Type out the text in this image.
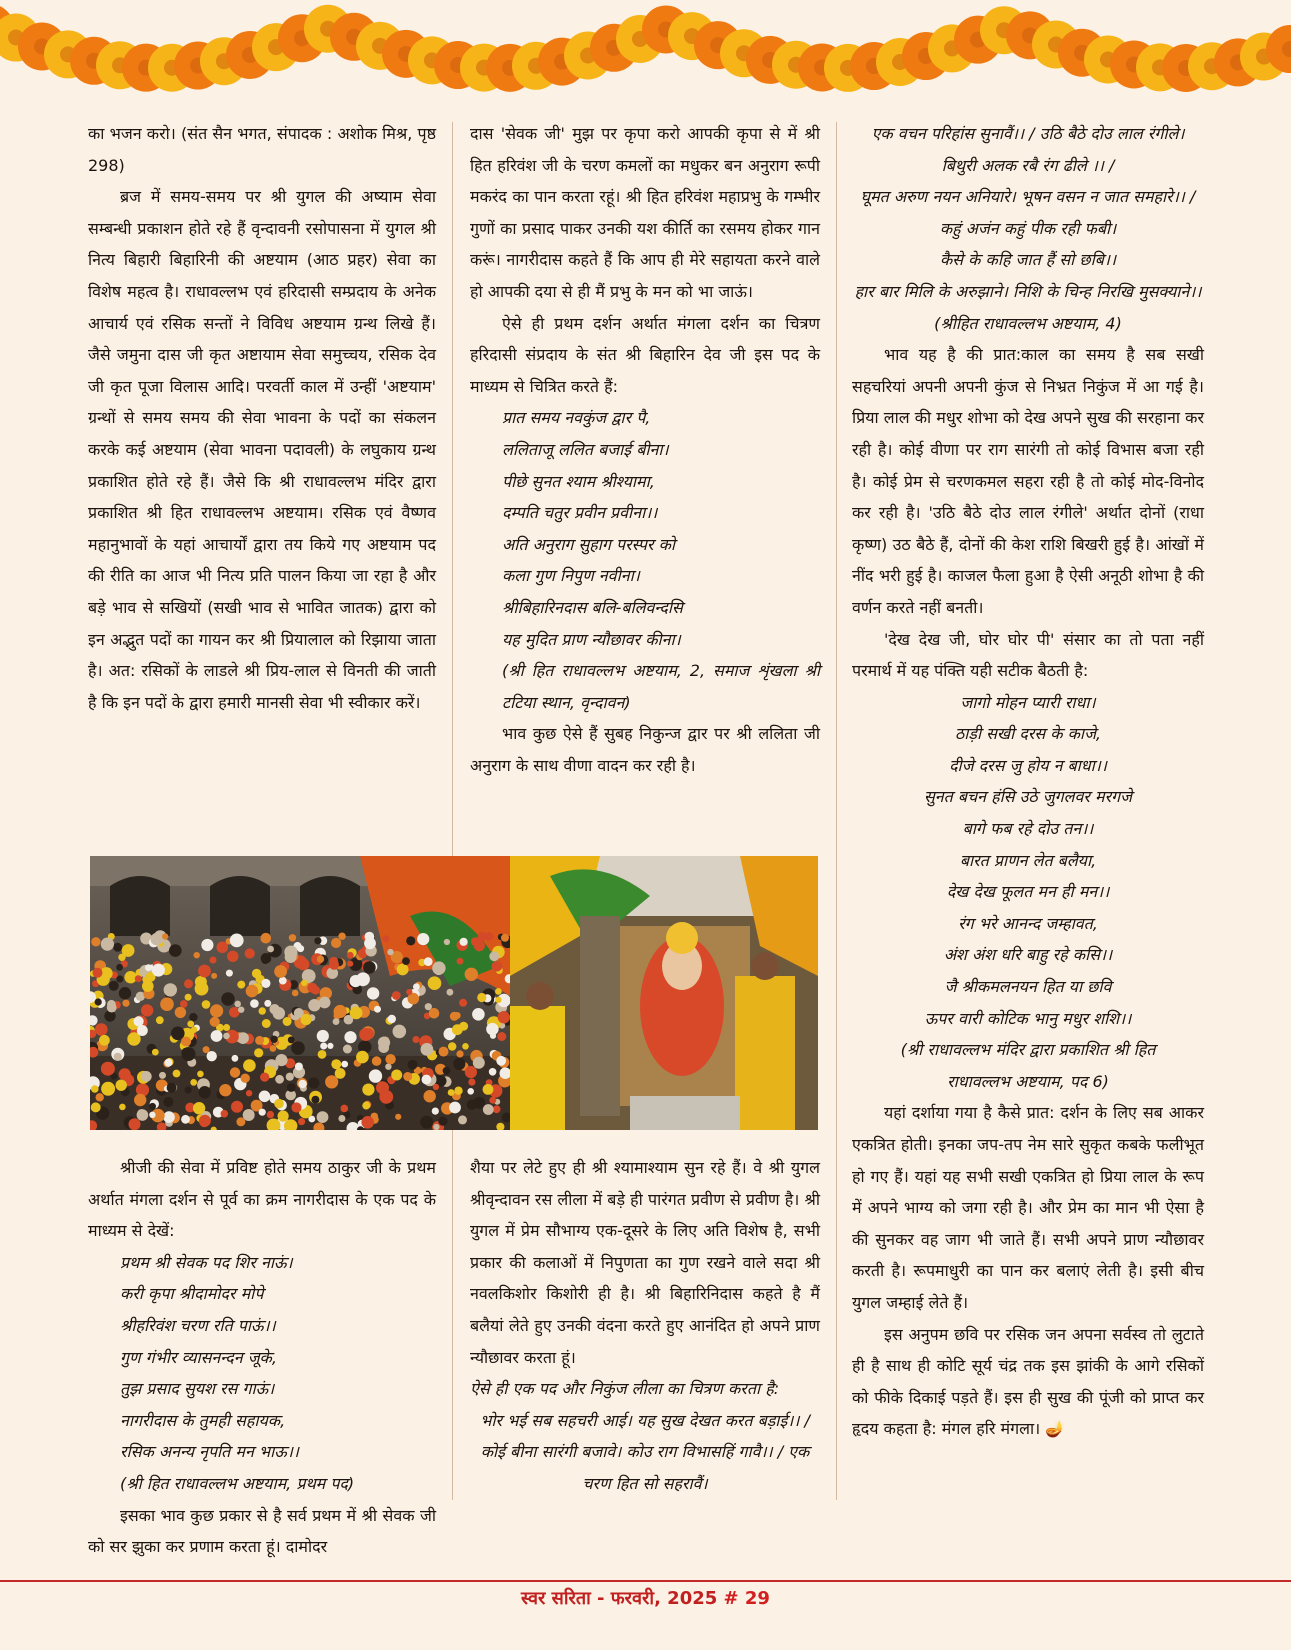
का भजन करो। (संत सैन भगत, संपादक : अशोक मिश्र, पृष्ठ 298)

ब्रज में समय-समय पर श्री युगल की अष्याम सेवा सम्बन्धी प्रकाशन होते रहे हैं वृन्दावनी रसोपासना में युगल श्री नित्य बिहारी बिहारिनी की अष्टयाम (आठ प्रहर) सेवा का विशेष महत्व है। राधावल्लभ एवं हरिदासी सम्प्रदाय के अनेक आचार्य एवं रसिक सन्तों ने विविध अष्टयाम ग्रन्थ लिखे हैं। जैसे जमुना दास जी कृत अष्टायाम सेवा समुच्चय, रसिक देव जी कृत पूजा विलास आदि। परवर्ती काल में उन्हीं 'अष्टयाम' ग्रन्थों से समय समय की सेवा भावना के पदों का संकलन करके कई अष्टयाम (सेवा भावना पदावली) के लघुकाय ग्रन्थ प्रकाशित होते रहे हैं। जैसे कि श्री राधावल्लभ मंदिर द्वारा प्रकाशित श्री हित राधावल्लभ अष्टयाम। रसिक एवं वैष्णव महानुभावों के यहां आचार्यों द्वारा तय किये गए अष्टयाम पद की रीति का आज भी नित्य प्रति पालन किया जा रहा है और बड़े भाव से सखियों (सखी भाव से भावित जातक) द्वारा को इन अद्भुत पदों का गायन कर श्री प्रियालाल को रिझाया जाता है। अत: रसिकों के लाडले श्री प्रिय-लाल से विनती की जाती है कि इन पदों के द्वारा हमारी मानसी सेवा भी स्वीकार करें।

दास 'सेवक जी' मुझ पर कृपा करो आपकी कृपा से में श्री हित हरिवंश जी के चरण कमलों का मधुकर बन अनुराग रूपी मकरंद का पान करता रहूं। श्री हित हरिवंश महाप्रभु के गम्भीर गुणों का प्रसाद पाकर उनकी यश कीर्ति का रसमय होकर गान करूं। नागरीदास कहते हैं कि आप ही मेरे सहायता करने वाले हो आपकी दया से ही मैं प्रभु के मन को भा जाऊं।

ऐसे ही प्रथम दर्शन अर्थात मंगला दर्शन का चित्रण हरिदासी संप्रदाय के संत श्री बिहारिन देव जी इस पद के माध्यम से चित्रित करते हैं:

प्रात समय नवकुंज द्वार पै,

ललिताजू ललित बजाई बीना।

पीछे सुनत श्याम श्रीश्यामा,

दम्पति चतुर प्रवीन प्रवीना।।

अति अनुराग सुहाग परस्पर को

कला गुण निपुण नवीना।

श्रीबिहारिनदास बलि-बलिवन्दसि

यह मुदित प्राण न्यौछावर कीना।

(श्री हित राधावल्लभ अष्टयाम, 2, समाज शृंखला श्री टटिया स्थान, वृन्दावन)

भाव कुछ ऐसे हैं सुबह निकुन्ज द्वार पर श्री ललिता जी अनुराग के साथ वीणा वादन कर रही है।

श्रीजी की सेवा में प्रविष्ट होते समय ठाकुर जी के प्रथम अर्थात मंगला दर्शन से पूर्व का क्रम नागरीदास के एक पद के माध्यम से देखें:

प्रथम श्री सेवक पद शिर नाऊं।

करी कृपा श्रीदामोदर मोपे

श्रीहरिवंश चरण रति पाऊं।।

गुण गंभीर व्यासनन्दन जूके,

तुझ प्रसाद सुयश रस गाऊं।

नागरीदास के तुमही सहायक,

रसिक अनन्य नृपति मन भाऊ।।

(श्री हित राधावल्लभ अष्टयाम, प्रथम पद)

इसका भाव कुछ प्रकार से है सर्व प्रथम में श्री सेवक जी को सर झुका कर प्रणाम करता हूं। दामोदर

शैया पर लेटे हुए ही श्री श्यामाश्याम सुन रहे हैं। वे श्री युगल श्रीवृन्दावन रस लीला में बड़े ही पारंगत प्रवीण से प्रवीण है। श्री युगल में प्रेम सौभाग्य एक-दूसरे के लिए अति विशेष है, सभी प्रकार की कलाओं में निपुणता का गुण रखने वाले सदा श्री नवलकिशोर किशोरी ही है। श्री बिहारिनिदास कहते है मैं बलैयां लेते हुए उनकी वंदना करते हुए आनंदित हो अपने प्राण न्यौछावर करता हूं।

ऐसे ही एक पद और निकुंज लीला का चित्रण करता है:

भोर भई सब सहचरी आई। यह सुख देखत करत बड़ाई।। / कोई बीना सारंगी बजावे। कोउ राग विभासहिं गावै।। / एक चरण हित सो सहरावैं।

एक वचन परिहांस सुनावैं।। / उठि बैठे दोउ लाल रंगीले। बिथुरी अलक रबै रंग ढीले ।। /

घूमत अरुण नयन अनियारे। भूषन वसन न जात समहारे।। / कहुं अजंन कहुं पीक रही फबी।

कैसे के कहि जात हैं सो छबि।।

हार बार मिलि के अरुझाने। निशि के चिन्ह निरखि मुसक्याने।। (श्रीहित राधावल्लभ अष्टयाम, 4)

भाव यह है की प्रात:काल का समय है सब सखी सहचरियां अपनी अपनी कुंज से निभ्रत निकुंज में आ गई है। प्रिया लाल की मधुर शोभा को देख अपने सुख की सरहाना कर रही है। कोई वीणा पर राग सारंगी तो कोई विभास बजा रही है। कोई प्रेम से चरणकमल सहरा रही है तो कोई मोद-विनोद कर रही है। 'उठि बैठे दोउ लाल रंगीले' अर्थात दोनों (राधा कृष्ण) उठ बैठे हैं, दोनों की केश राशि बिखरी हुई है। आंखों में नींद भरी हुई है। काजल फैला हुआ है ऐसी अनूठी शोभा है की वर्णन करते नहीं बनती।

'देख देख जी, घोर घोर पी' संसार का तो पता नहीं परमार्थ में यह पंक्ति यही सटीक बैठती है:

जागो मोहन प्यारी राधा।

ठाड़ी सखी दरस के काजे,

दीजे दरस जु होय न बाधा।।

सुनत बचन हंसि उठे जुगलवर मरगजे

बागे फब रहे दोउ तन।।

बारत प्राणन लेत बलैया,

देख देख फूलत मन ही मन।।

रंग भरे आनन्द जम्हावत,

अंश अंश धरि बाहु रहे कसि।।

जै श्रीकमलनयन हित या छवि

ऊपर वारी कोटिक भानु मधुर शशि।।

(श्री राधावल्लभ मंदिर द्वारा प्रकाशित श्री हित

राधावल्लभ अष्टयाम, पद 6)

यहां दर्शाया गया है कैसे प्रात: दर्शन के लिए सब आकर एकत्रित होती। इनका जप-तप नेम सारे सुकृत कबके फलीभूत हो गए हैं। यहां यह सभी सखी एकत्रित हो प्रिया लाल के रूप में अपने भाग्य को जगा रही है। और प्रेम का मान भी ऐसा है की सुनकर वह जाग भी जाते हैं। सभी अपने प्राण न्यौछावर करती है। रूपमाधुरी का पान कर बलाएं लेती है। इसी बीच युगल जम्हाई लेते हैं।

इस अनुपम छवि पर रसिक जन अपना सर्वस्व तो लुटाते ही है साथ ही कोटि सूर्य चंद्र तक इस झांकी के आगे रसिकों को फीके दिकाई पड़ते हैं। इस ही सुख की पूंजी को प्राप्त कर हृदय कहता है: मंगल हरि मंगला। 🪔

स्वर सरिता - फरवरी, 2025 # 29
